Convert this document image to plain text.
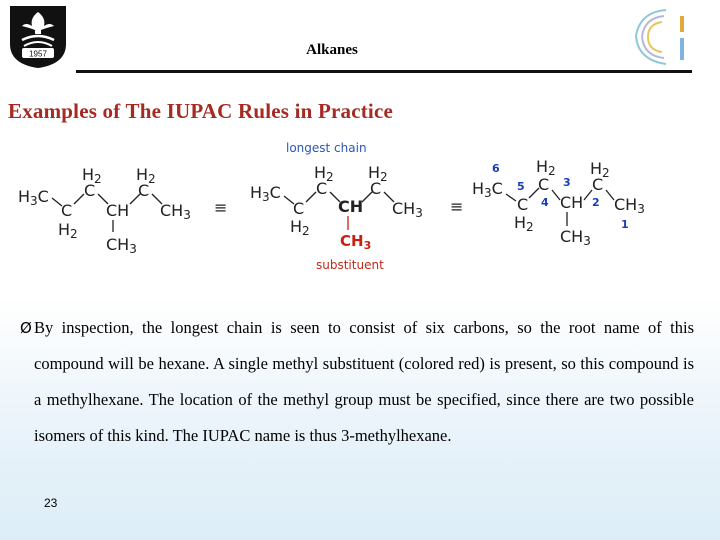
1957	Alkanes
Examples of The IUPAC Rules in Practice
H3C
C
H2
H2
C
CH
CH3
H2
C
CH3 ≡
longest chain
H3C
C
H2
H2
C
CH
$CH_3$
H2
C
CH3
substituent
≡
6
H3C 5
C
H2
H2
C
4
3
CH
CH3
H2
C
2 CH3
1
Ø By inspection, the longest chain is seen to consist of six carbons, so the root name of this compound will be hexane. A single methyl substituent (colored red) is present, so this compound is a methylhexane. The location of the methyl group must be specified, since there are two possible isomers of this kind. The IUPAC name is thus 3-methylhexane.
23
